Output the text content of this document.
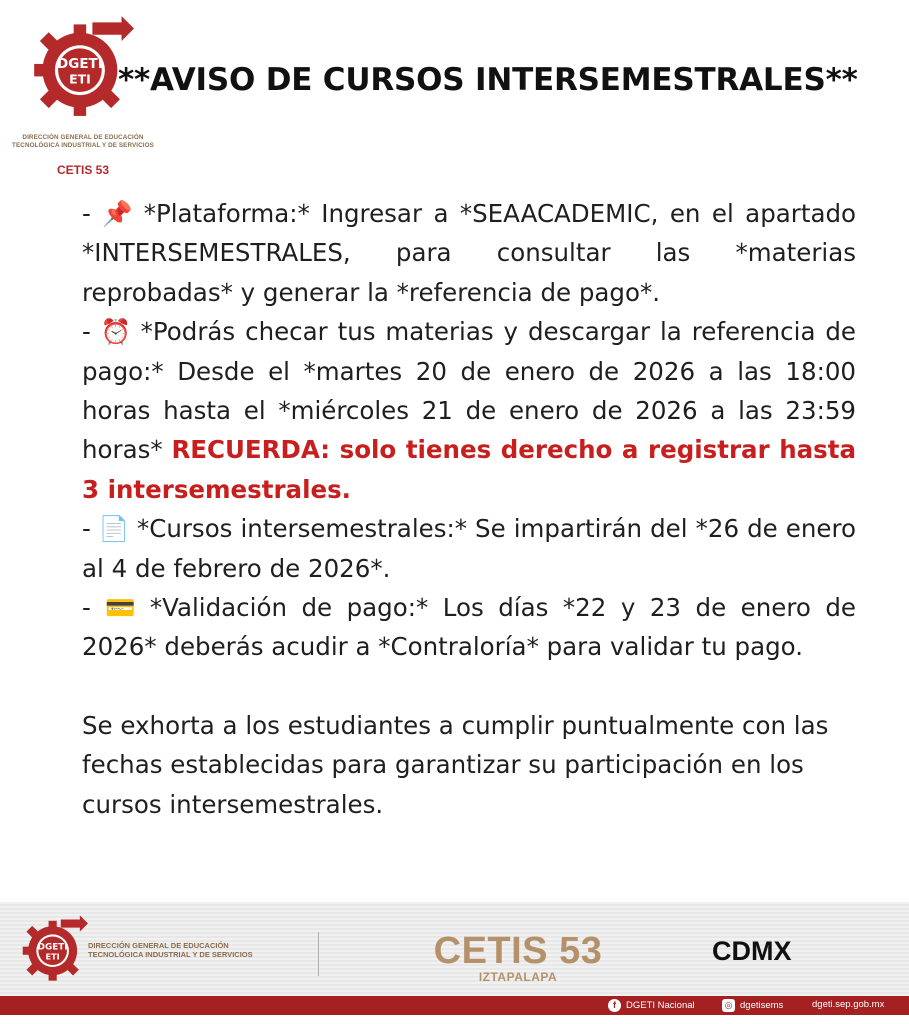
DGETI
ETI
DIRECCIÓN GENERAL DE EDUCACIÓN
TECNOLÓGICA INDUSTRIAL Y DE SERVICIOS
CETIS 53
**AVISO DE CURSOS INTERSEMESTRALES**

- 📌 *Plataforma:* Ingresar a *SEAACADEMIC, en el apartado *INTERSEMESTRALES, para consultar las *materias reprobadas* y generar la *referencia de pago*.

- ⏰ *Podrás checar tus materias y descargar la referencia de pago:* Desde el *martes 20 de enero de 2026 a las 18:00 horas hasta el *miércoles 21 de enero de 2026 a las 23:59 horas* RECUERDA: solo tienes derecho a registrar hasta 3 intersemestrales.

- 📄 *Cursos intersemestrales:* Se impartirán del *26 de enero al 4 de febrero de 2026*.

- 💳 *Validación de pago:* Los días *22 y 23 de enero de 2026* deberás acudir a *Contraloría* para validar tu pago.

Se exhorta a los estudiantes a cumplir puntualmente con las fechas establecidas para garantizar su participación en los cursos intersemestrales.

DGETI
ETI
DIRECCIÓN GENERAL DE EDUCACIÓN
TECNOLÓGICA INDUSTRIAL Y DE SERVICIOS	CETIS 53
IZTAPALAPA
CDMX
f	DGETI Nacional	◎ dgetisems	dgeti.sep.gob.mx
